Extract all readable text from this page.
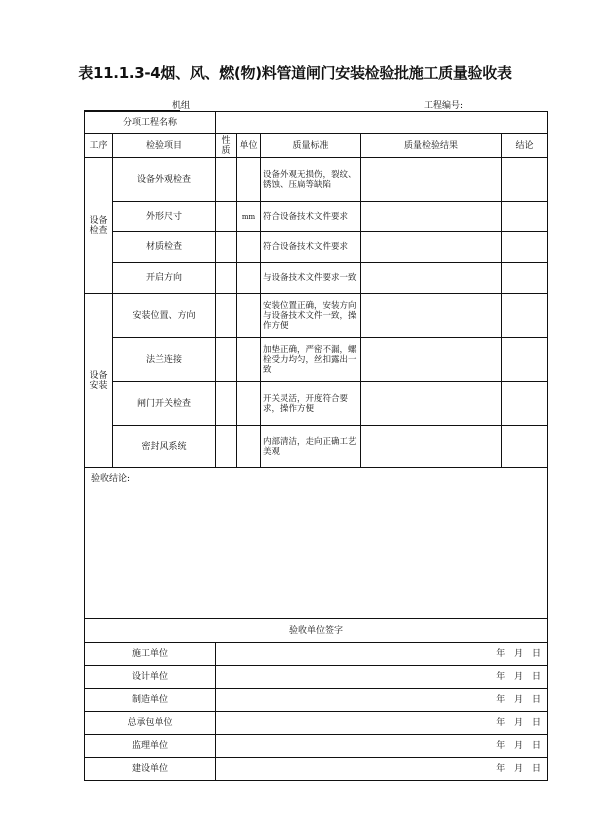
表11.1.3-4烟、风、燃(物)料管道闸门安装检验批施工质量验收表
机组	工程编号:
分项工程名称						
工序	检验项目	性质	单位	质量标准	质量检验结果	结论
设备
检查	设备外观检查			设备外观无损伤，裂纹、锈蚀、压扁等缺陷		
	外形尺寸		mm	符合设备技术文件要求		
	材质检查			符合设备技术文件要求		
	开启方向			与设备技术文件要求一致		
设备
安装	安装位置、方向			安装位置正确，安装方向与设备技术文件一致，操作方便		
	法兰连接			加垫正确，严密不漏，螺栓受力均匀，丝扣露出一致		
	闸门开关检查			开关灵活，开度符合要求，操作方便		
	密封风系统			内部清洁，走向正确工艺美观		
验收结论:						
验收单位签字						
施工单位		年 月 日				
设计单位		年 月 日				
制造单位		年 月 日				
总承包单位		年 月 日				
监理单位		年 月 日				
建设单位		年 月 日				
